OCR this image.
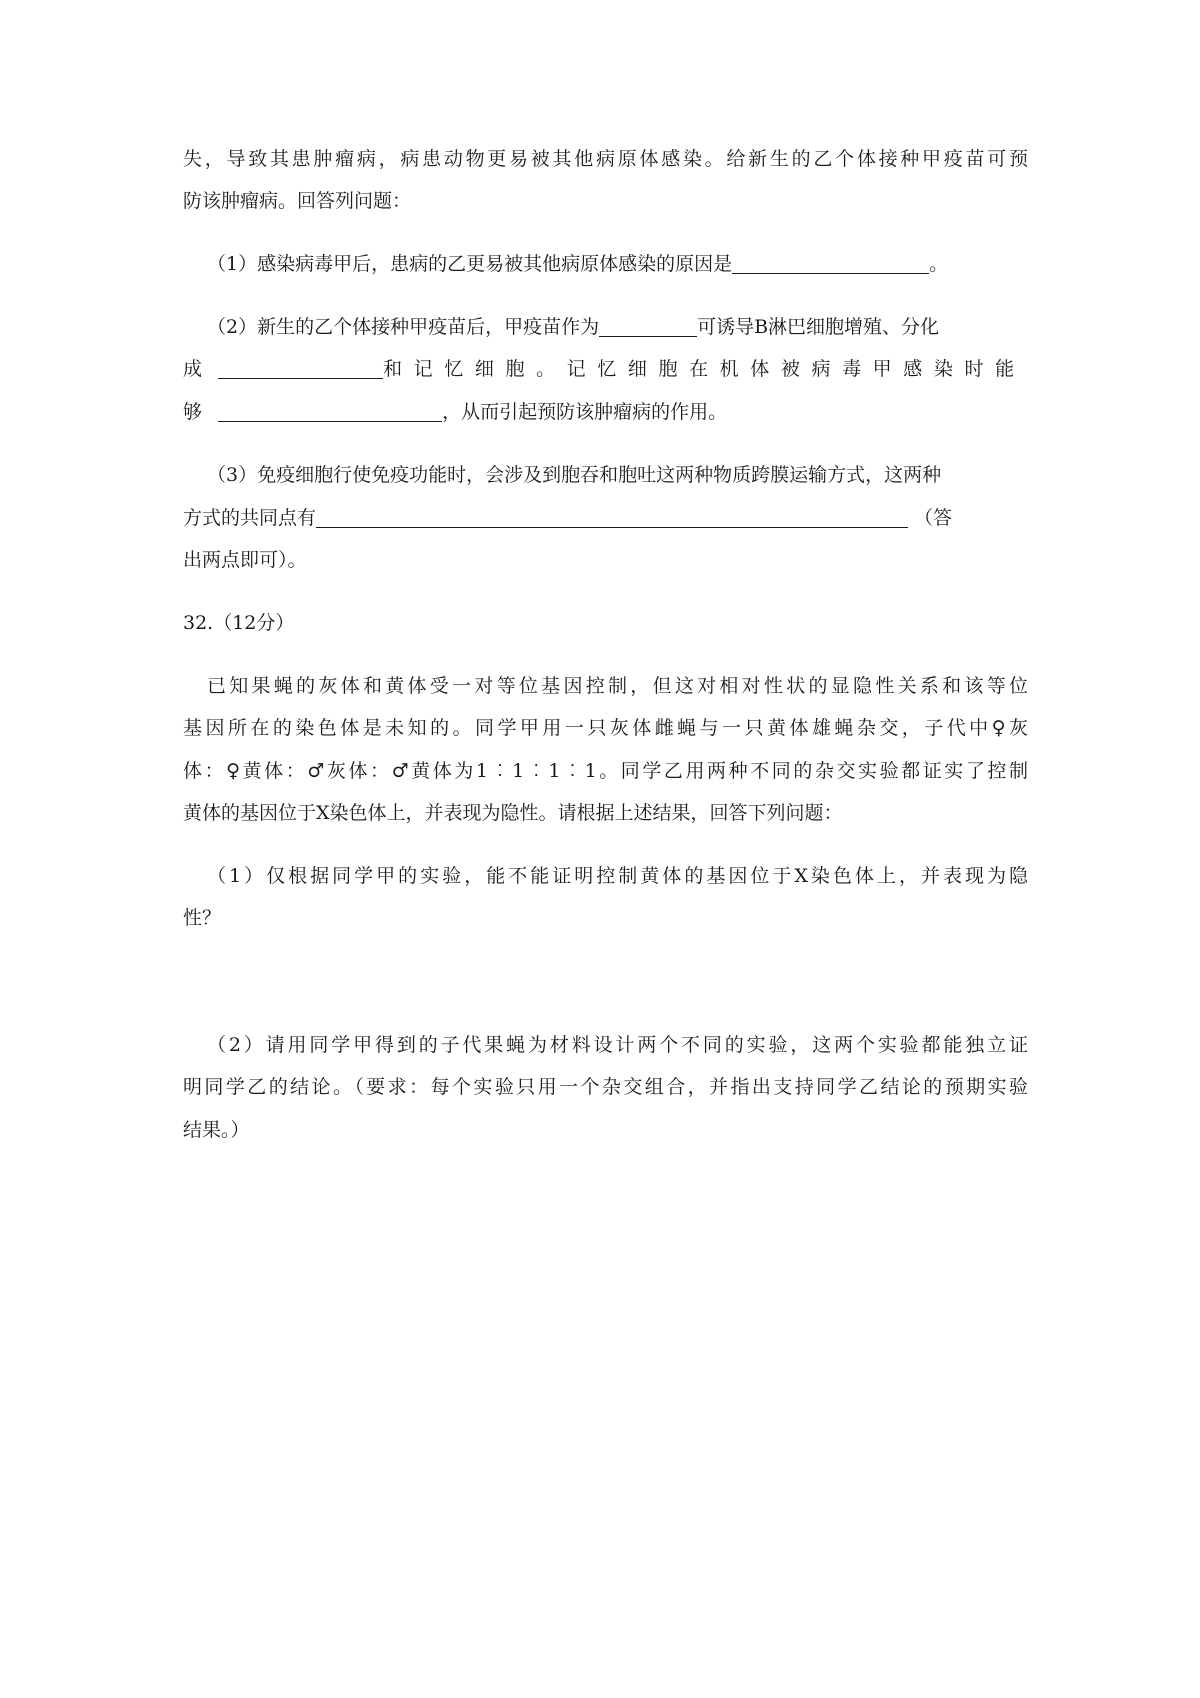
失，导致其患肿瘤病，病患动物更易被其他病原体感染。给新生的乙个体接种甲疫苗可预
防该肿瘤病。回答列问题：
（1）感染病毒甲后，患病的乙更易被其他病原体感染的原因是	。
（2）新生的乙个体接种甲疫苗后，甲疫苗作为	可诱导B淋巴细胞增殖、分化
成	和记忆细胞。记忆细胞在机体被病毒甲感染时能
够	，从而引起预防该肿瘤病的作用。
（3）免疫细胞行使免疫功能时，会涉及到胞吞和胞吐这两种物质跨膜运输方式，这两种
方式的共同点有	（答
出两点即可）。
32.（12分）
已知果蝇的灰体和黄体受一对等位基因控制，但这对相对性状的显隐性关系和该等位
基因所在的染色体是未知的。同学甲用一只灰体雌蝇与一只黄体雄蝇杂交，子代中♀灰
体：♀黄体：♂灰体：♂黄体为1︰1︰1︰1。同学乙用两种不同的杂交实验都证实了控制
黄体的基因位于X染色体上，并表现为隐性。请根据上述结果，回答下列问题：
（1）仅根据同学甲的实验，能不能证明控制黄体的基因位于X染色体上，并表现为隐
性？
（2）请用同学甲得到的子代果蝇为材料设计两个不同的实验，这两个实验都能独立证
明同学乙的结论。（要求：每个实验只用一个杂交组合，并指出支持同学乙结论的预期实验
结果。）
